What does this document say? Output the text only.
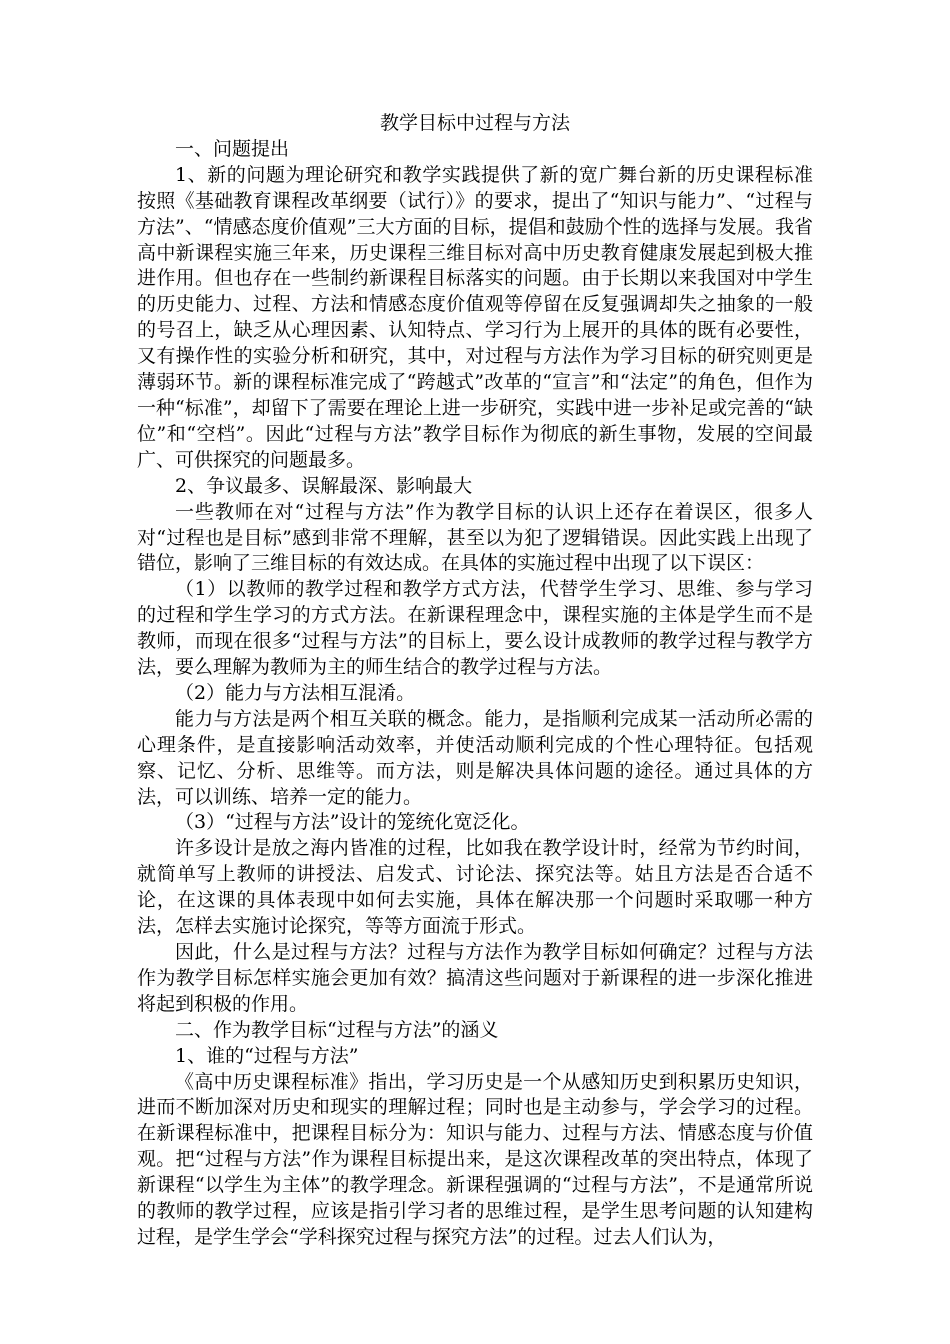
教学目标中过程与方法

一、问题提出

1、新的问题为理论研究和教学实践提供了新的宽广舞台新的历史课程标准按照《基础教育课程改革纲要（试行）》的要求，提出了“知识与能力”、“过程与方法”、“情感态度价值观”三大方面的目标，提倡和鼓励个性的选择与发展。我省高中新课程实施三年来，历史课程三维目标对高中历史教育健康发展起到极大推进作用。但也存在一些制约新课程目标落实的问题。由于长期以来我国对中学生的历史能力、过程、方法和情感态度价值观等停留在反复强调却失之抽象的一般的号召上，缺乏从心理因素、认知特点、学习行为上展开的具体的既有必要性，又有操作性的实验分析和研究，其中，对过程与方法作为学习目标的研究则更是薄弱环节。新的课程标准完成了“跨越式”改革的“宣言”和“法定”的角色，但作为一种“标准”，却留下了需要在理论上进一步研究，实践中进一步补足或完善的“缺位”和“空档”。因此“过程与方法”教学目标作为彻底的新生事物，发展的空间最广、可供探究的问题最多。

2、争议最多、误解最深、影响最大

一些教师在对“过程与方法”作为教学目标的认识上还存在着误区，很多人对“过程也是目标”感到非常不理解，甚至以为犯了逻辑错误。因此实践上出现了错位，影响了三维目标的有效达成。在具体的实施过程中出现了以下误区：

（1）以教师的教学过程和教学方式方法，代替学生学习、思维、参与学习的过程和学生学习的方式方法。在新课程理念中，课程实施的主体是学生而不是教师，而现在很多“过程与方法”的目标上，要么设计成教师的教学过程与教学方法，要么理解为教师为主的师生结合的教学过程与方法。

（2）能力与方法相互混淆。

能力与方法是两个相互关联的概念。能力，是指顺利完成某一活动所必需的心理条件，是直接影响活动效率，并使活动顺利完成的个性心理特征。包括观察、记忆、分析、思维等。而方法，则是解决具体问题的途径。通过具体的方法，可以训练、培养一定的能力。

（3）“过程与方法”设计的笼统化宽泛化。

许多设计是放之海内皆准的过程，比如我在教学设计时，经常为节约时间，就简单写上教师的讲授法、启发式、讨论法、探究法等。姑且方法是否合适不论，在这课的具体表现中如何去实施，具体在解决那一个问题时采取哪一种方法，怎样去实施讨论探究，等等方面流于形式。

因此，什么是过程与方法？过程与方法作为教学目标如何确定？过程与方法作为教学目标怎样实施会更加有效？搞清这些问题对于新课程的进一步深化推进将起到积极的作用。

二、作为教学目标“过程与方法”的涵义

1、谁的“过程与方法”

《高中历史课程标准》指出，学习历史是一个从感知历史到积累历史知识，进而不断加深对历史和现实的理解过程；同时也是主动参与，学会学习的过程。在新课程标准中，把课程目标分为：知识与能力、过程与方法、情感态度与价值观。把“过程与方法”作为课程目标提出来，是这次课程改革的突出特点，体现了新课程“以学生为主体”的教学理念。新课程强调的“过程与方法”，不是通常所说的教师的教学过程，应该是指引学习者的思维过程，是学生思考问题的认知建构过程，是学生学会“学科探究过程与探究方法”的过程。过去人们认为，
